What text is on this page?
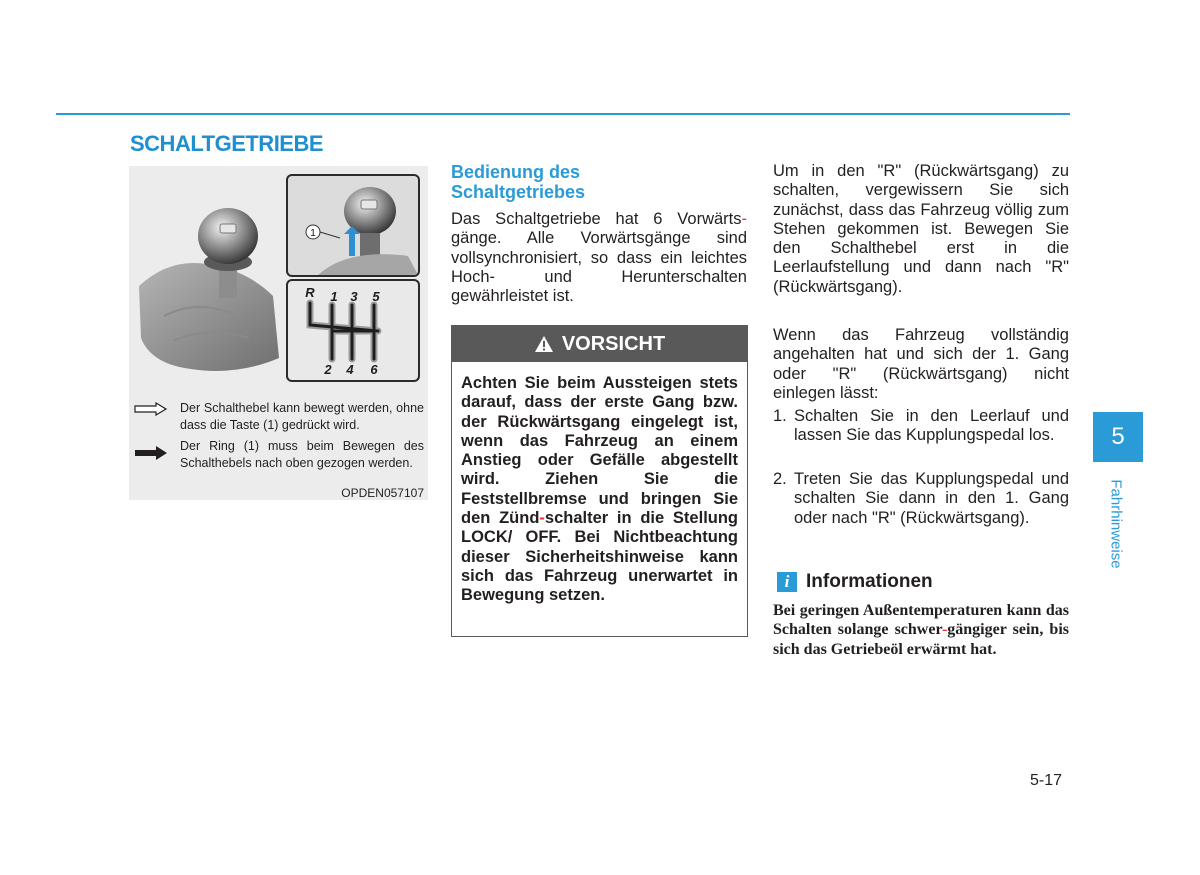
SCHALTGETRIEBE
1
R 1 3 5
2 4 6
Der Schalthebel kann bewegt werden, ohne dass die Taste (1) gedrückt wird.
Der Ring (1) muss beim Bewegen des Schalthebels nach oben gezogen werden.
OPDEN057107
Bedienung des
Schaltgetriebes
Das Schaltgetriebe hat 6 Vorwärts-gänge. Alle Vorwärtsgänge sind vollsynchronisiert, so dass ein leichtes Hoch- und Herunterschalten gewährleistet ist.
VORSICHT
Achten Sie beim Aussteigen stets darauf, dass der erste Gang bzw. der Rückwärtsgang eingelegt ist, wenn das Fahrzeug an einem Anstieg oder Gefälle abgestellt wird. Ziehen Sie die Feststellbremse und bringen Sie den Zünd-schalter in die Stellung LOCK/ OFF. Bei Nichtbeachtung dieser Sicherheitshinweise kann sich das Fahrzeug unerwartet in Bewegung setzen.
Um in den "R" (Rückwärtsgang) zu schalten, vergewissern Sie sich zunächst, dass das Fahrzeug völlig zum Stehen gekommen ist. Bewegen Sie den Schalthebel erst in die Leerlaufstellung und dann nach "R" (Rückwärtsgang).
Wenn das Fahrzeug vollständig angehalten hat und sich der 1. Gang oder "R" (Rückwärtsgang) nicht einlegen lässt:
1. Schalten Sie in den Leerlauf und lassen Sie das Kupplungspedal los.
2. Treten Sie das Kupplungspedal und schalten Sie dann in den 1. Gang oder nach "R" (Rückwärtsgang).
i Informationen
Bei geringen Außentemperaturen kann das Schalten solange schwer-gängiger sein, bis sich das Getriebeöl erwärmt hat.
5
Fahrhinweise
5-17
